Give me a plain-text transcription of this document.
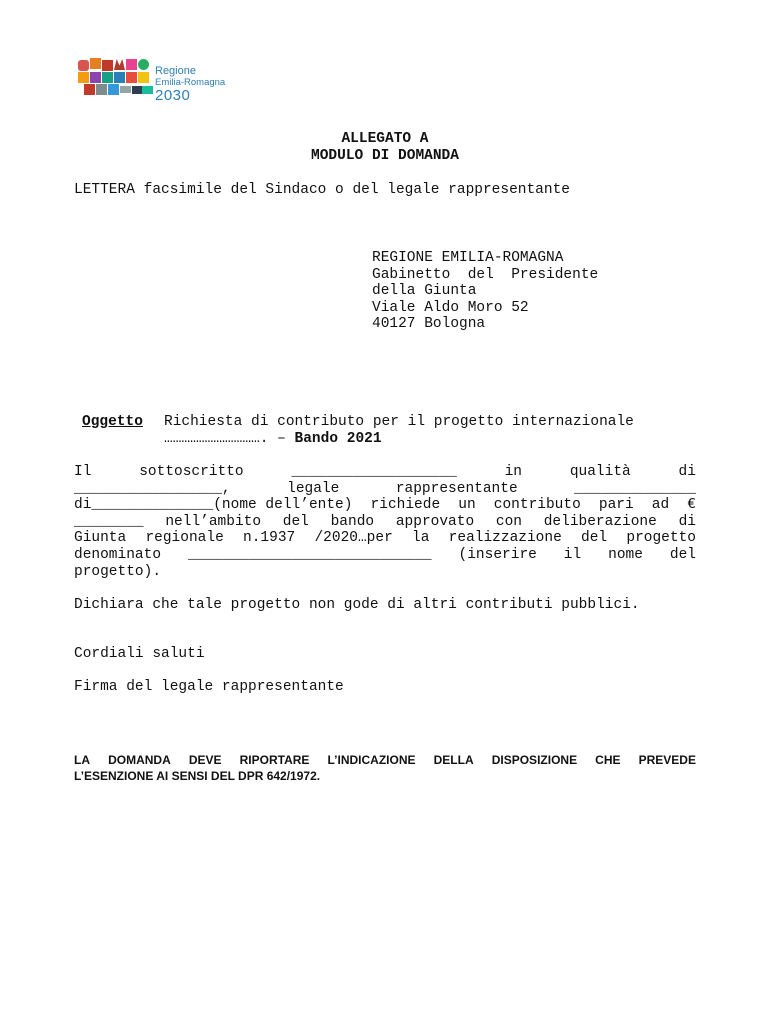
Regione
Emilia-Romagna
2030
ALLEGATO A
MODULO DI DOMANDA
LETTERA facsimile del Sindaco o del legale rappresentante
REGIONE EMILIA-ROMAGNA
Gabinetto  del  Presidente
della Giunta
Viale Aldo Moro 52
40127 Bologna
Oggetto Richiesta di contributo per il progetto internazionale
……………………………. – Bando 2021
Il	sottoscritto	___________________	in	qualità	di
_________________,	legale	rappresentante	______________
di______________(nome dell’ente) richiede un contributo pari ad €
________ nell’ambito del bando approvato con deliberazione di
Giunta regionale n.1937 /2020…per la realizzazione del progetto
denominato ____________________________ (inserire il nome del
progetto).
Dichiara che tale progetto non gode di altri contributi pubblici.
Cordiali saluti
Firma del legale rappresentante
LA DOMANDA DEVE RIPORTARE L’INDICAZIONE DELLA DISPOSIZIONE CHE PREVEDE
L’ESENZIONE AI SENSI DEL DPR 642/1972.
